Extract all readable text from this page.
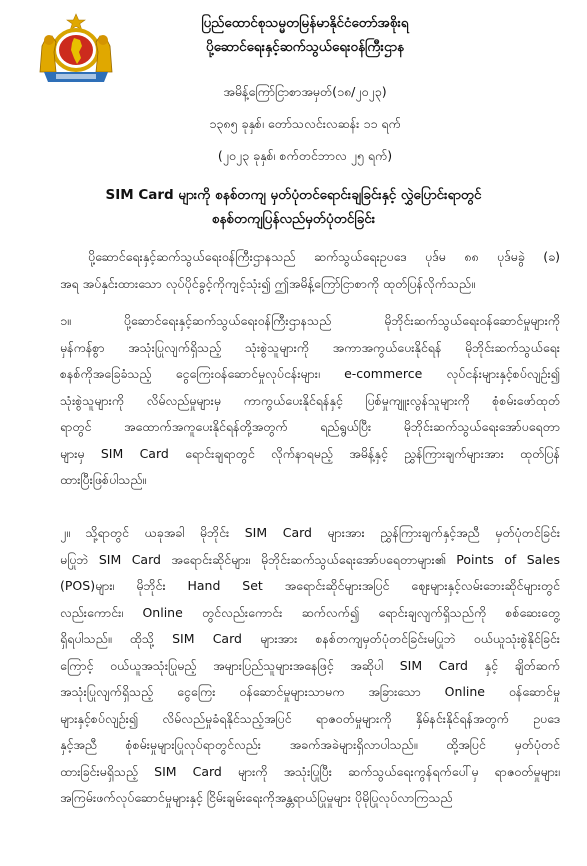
ပြည်ထောင်စုသမ္မတမြန်မာနိုင်ငံတော်အစိုးရ
ပို့ဆောင်ရေးနှင့်ဆက်သွယ်ရေးဝန်ကြီးဌာန
အမိန့်ကြော်ငြာစာအမှတ်(၁၈/၂၀၂၃)
၁၃၈၅ ခုနှစ်၊ တော်သလင်းလဆန်း ၁၁ ရက်
(၂၀၂၃ ခုနှစ်၊ စက်တင်ဘာလ ၂၅ ရက်)
SIM Card များကို စနစ်တကျ မှတ်ပုံတင်ရောင်းချခြင်းနှင့် လွှဲပြောင်းရာတွင်
စနစ်တကျပြန်လည်မှတ်ပုံတင်ခြင်း
ပို့ဆောင်ရေးနှင့်ဆက်သွယ်ရေးဝန်ကြီးဌာနသည် ဆက်သွယ်ရေးဥပဒေ ပုဒ်မ ၈၈ ပုဒ်မခွဲ (ခ)
အရ အပ်နှင်းထားသော လုပ်ပိုင်ခွင့်ကိုကျင့်သုံး၍ ဤအမိန့်ကြော်ငြာစာကို ထုတ်ပြန်လိုက်သည်။
၁။ ပို့ဆောင်ရေးနှင့်ဆက်သွယ်ရေးဝန်ကြီးဌာနသည် မိုဘိုင်းဆက်သွယ်ရေးဝန်ဆောင်မှုများကို
မှန်ကန်စွာ အသုံးပြုလျက်ရှိသည့် သုံးစွဲသူများကို အကာအကွယ်ပေးနိုင်ရန် မိုဘိုင်းဆက်သွယ်ရေး
စနစ်ကိုအခြေခံသည့် ငွေကြေးဝန်ဆောင်မှုလုပ်ငန်းများ၊ e-commerce လုပ်ငန်းများနှင့်စပ်လျဉ်း၍
သုံးစွဲသူများကို လိမ်လည်မှုများမှ ကာကွယ်ပေးနိုင်ရန်နှင့် ပြစ်မှုကျူးလွန်သူများကို စုံစမ်းဖော်ထုတ်
ရာတွင် အထောက်အကူပေးနိုင်ရန်တို့အတွက် ရည်ရွယ်ပြီး မိုဘိုင်းဆက်သွယ်ရေးအော်ပရေတာ
များမှ SIM Card ရောင်းချရာတွင် လိုက်နာရမည့် အမိန့်နှင့် ညွှန်ကြားချက်များအား ထုတ်ပြန်
ထားပြီးဖြစ်ပါသည်။
၂။ သို့ရာတွင် ယခုအခါ မိုဘိုင်း SIM Card များအား ညွှန်ကြားချက်နှင့်အညီ မှတ်ပုံတင်ခြင်း
မပြုဘဲ SIM Card အရောင်းဆိုင်များ၊ မိုဘိုင်းဆက်သွယ်ရေးအော်ပရေတာများ၏ Points of Sales
(POS)များ၊ မိုဘိုင်း Hand Set အရောင်းဆိုင်များအပြင် ဈေးများနှင့်လမ်းဘေးဆိုင်များတွင်
လည်းကောင်း၊ Online တွင်လည်းကောင်း ဆက်လက်၍ ရောင်းချလျက်ရှိသည်ကို စစ်ဆေးတွေ့
ရှိရပါသည်။ ထိုသို့ SIM Card များအား စနစ်တကျမှတ်ပုံတင်ခြင်းမပြုဘဲ ဝယ်ယူသုံးစွဲနိုင်ခြင်း
ကြောင့် ဝယ်ယူအသုံးပြုမည့် အများပြည်သူများအနေဖြင့် အဆိုပါ SIM Card နှင့် ချိတ်ဆက်
အသုံးပြုလျက်ရှိသည့် ငွေကြေး ဝန်ဆောင်မှုများသာမက အခြားသော Online ဝန်ဆောင်မှု
များနှင့်စပ်လျဉ်း၍ လိမ်လည်မှုခံရနိုင်သည့်အပြင် ရာဇဝတ်မှုများကို နှိမ်နင်းနိုင်ရန်အတွက် ဥပဒေ
နှင့်အညီ စုံစမ်းမှုများပြုလုပ်ရာတွင်လည်း အခက်အခဲများရှိလာပါသည်။ ထို့အပြင် မှတ်ပုံတင်
ထားခြင်းမရှိသည့် SIM Card များကို အသုံးပြုပြီး ဆက်သွယ်ရေးကွန်ရက်ပေါ်မှ ရာဇဝတ်မှုများ၊
အကြမ်းဖက်လုပ်ဆောင်မှုများနှင့် ငြိမ်းချမ်းရေးကိုအန္တရာယ်ပြုမှုများ ပိုမိုပြုလုပ်လာကြသည်
